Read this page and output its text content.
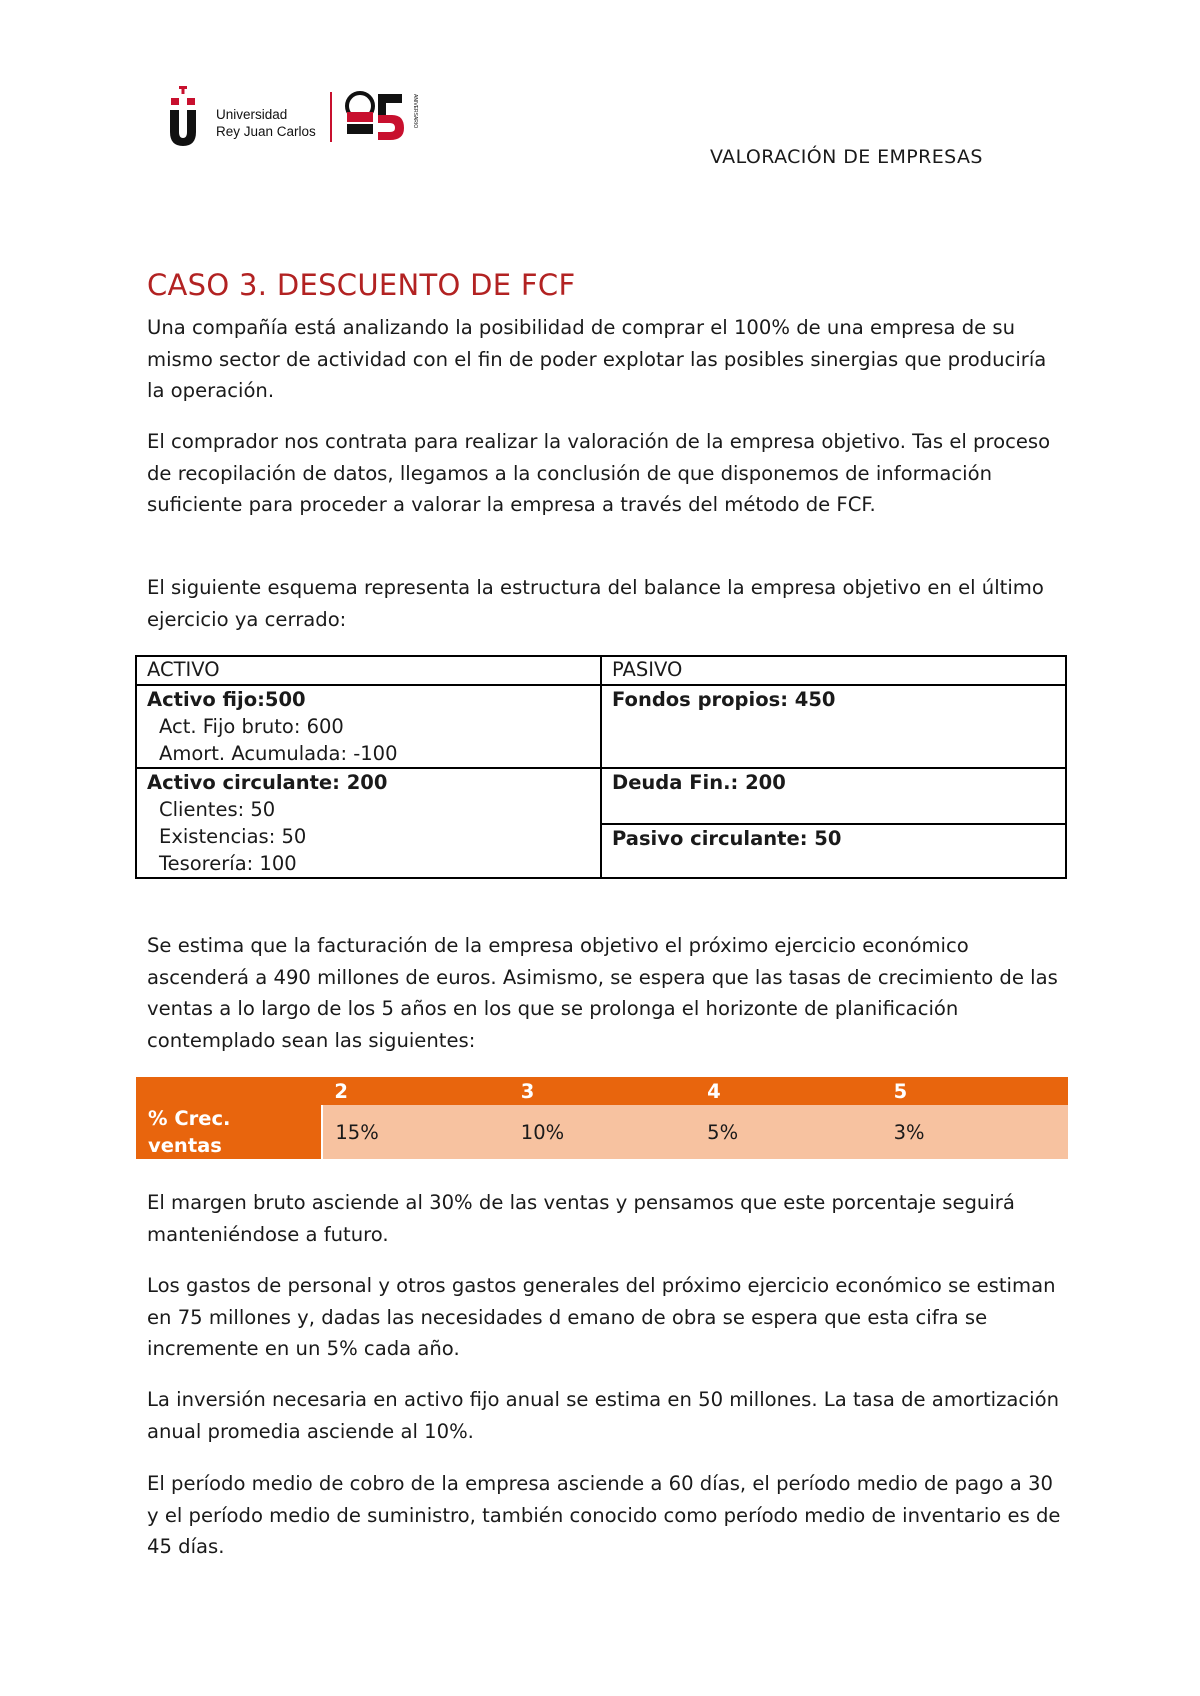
Universidad
Rey Juan Carlos
ANIVERSARIO
VALORACIÓN DE EMPRESAS
CASO 3. DESCUENTO DE FCF

Una compañía está analizando la posibilidad de comprar el 100% de una empresa de su mismo sector de actividad con el fin de poder explotar las posibles sinergias que produciría la operación.

El comprador nos contrata para realizar la valoración de la empresa objetivo. Tas el proceso de recopilación de datos, llegamos a la conclusión de que disponemos de información suficiente para proceder a valorar la empresa a través del método de FCF.

El siguiente esquema representa la estructura del balance la empresa objetivo en el último ejercicio ya cerrado:

ACTIVO	PASIVO

Activo fijo:500
Act. Fijo bruto: 600
Amort. Acumulada: -100	Fondos propios: 450

Activo circulante: 200
Clientes: 50
Existencias: 50
Tesorería: 100	Deuda Fin.: 200

	Pasivo circulante: 50

Se estima que la facturación de la empresa objetivo el próximo ejercicio económico ascenderá a 490 millones de euros. Asimismo, se espera que las tasas de crecimiento de las ventas a lo largo de los 5 años en los que se prolonga el horizonte de planificación contemplado sean las siguientes:

	2	3	4	5
% Crec. ventas	15%	10%	5%	3%

El margen bruto asciende al 30% de las ventas y pensamos que este porcentaje seguirá manteniéndose a futuro.

Los gastos de personal y otros gastos generales del próximo ejercicio económico se estiman en 75 millones y, dadas las necesidades d emano de obra se espera que esta cifra se incremente en un 5% cada año.

La inversión necesaria en activo fijo anual se estima en 50 millones. La tasa de amortización anual promedia asciende al 10%.

El período medio de cobro de la empresa asciende a 60 días, el período medio de pago a 30 y el período medio de suministro, también conocido como período medio de inventario es de 45 días.
